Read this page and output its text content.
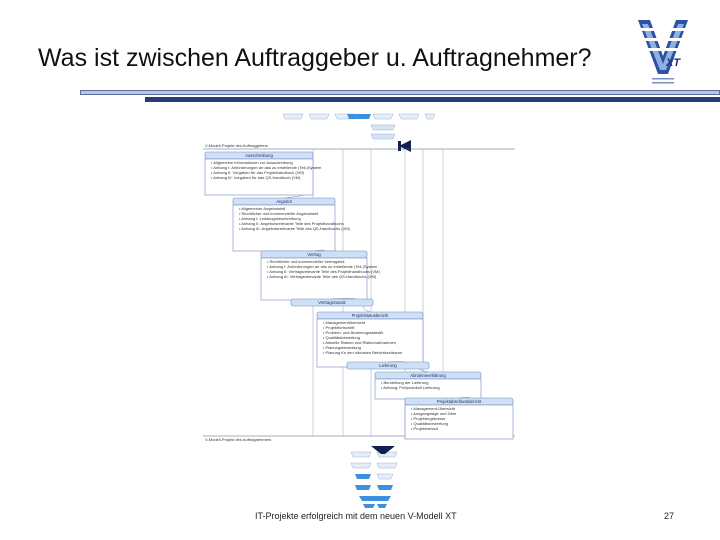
Was ist zwischen Auftraggeber u. Auftragnehmer?	XT
V-Modell-Projekt des Auftraggebers
V-Modell-Projekt des Auftragnehmers
Ausschreibung
• Allgemeine Informationen zur Ausschreibung
• Anhang I: Anforderungen an das zu erstellende (Teil-)System
• Anhang II: Vorgaben für das Projekthandbuch (VM)
• Anhang III: Vorgaben für das QS-Handbuch (VM)
Angebot
• Allgemeiner Angebotsteil
• Rechtlicher und kommerzieller Angebotsteil
• Anhang I: Leistungsbeschreibung
• Anhang II: Angebotsrelevante Teile des Projekthandbuchs
• Anhang III: Angebotsrelevante Teile des QS-Handbuchs (VM)
Vertrag
• Rechtlicher und kommerzieller Vertragsteil
• Anhang I: Anforderungen an das zu erstellende (Teil-)System
• Anhang II: Vertragsrelevante Teile des Projekthandbuchs (VM)
• Anhang III: Vertragsrelevante Teile des QS-Handbuchs (VM)
Vertragszusatz
Projektstatusbericht
• Managementübersicht
• Projektfortschritt
• Problem- und Änderungsstatistik
• Qualitätsbewertung
• Aktuelle Risiken und Risikomaßnahmen
• Planungsbewertung
• Planung für den nächsten Berichtszeitraum
Lieferung
Abnahmeerklärung
• Beurteilung der Lieferung
• Anhang: Prüfprotokoll Lieferung
Projektabschlussbericht
• Management-Übersicht
• Ausgangslage und Ziele
• Projektergebnisse
• Qualitätsbewertung
• Projektverlauf
IT-Projekte erfolgreich mit dem neuen V-Modell XT	27
